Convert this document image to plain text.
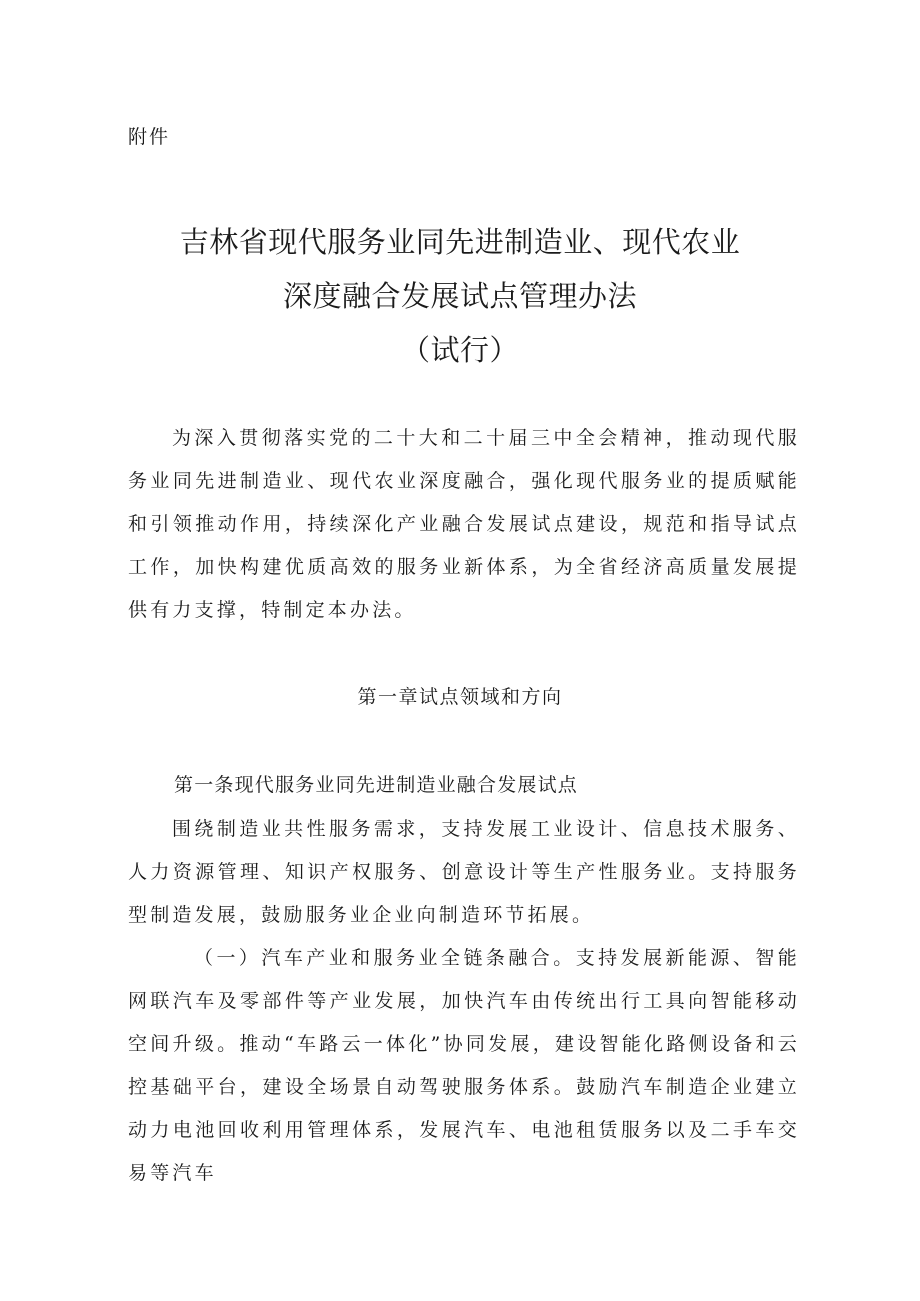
附件

吉林省现代服务业同先进制造业、现代农业
深度融合发展试点管理办法
（试行）

为深入贯彻落实党的二十大和二十届三中全会精神，推动现代服务业同先进制造业、现代农业深度融合，强化现代服务业的提质赋能和引领推动作用，持续深化产业融合发展试点建设，规范和指导试点工作，加快构建优质高效的服务业新体系，为全省经济高质量发展提供有力支撑，特制定本办法。

第一章试点领域和方向
第一条现代服务业同先进制造业融合发展试点

围绕制造业共性服务需求，支持发展工业设计、信息技术服务、人力资源管理、知识产权服务、创意设计等生产性服务业。支持服务型制造发展，鼓励服务业企业向制造环节拓展。

（一）汽车产业和服务业全链条融合。支持发展新能源、智能网联汽车及零部件等产业发展，加快汽车由传统出行工具向智能移动空间升级。推动“车路云一体化”协同发展，建设智能化路侧设备和云控基础平台，建设全场景自动驾驶服务体系。鼓励汽车制造企业建立动力电池回收利用管理体系，发展汽车、电池租赁服务以及二手车交易等汽车
